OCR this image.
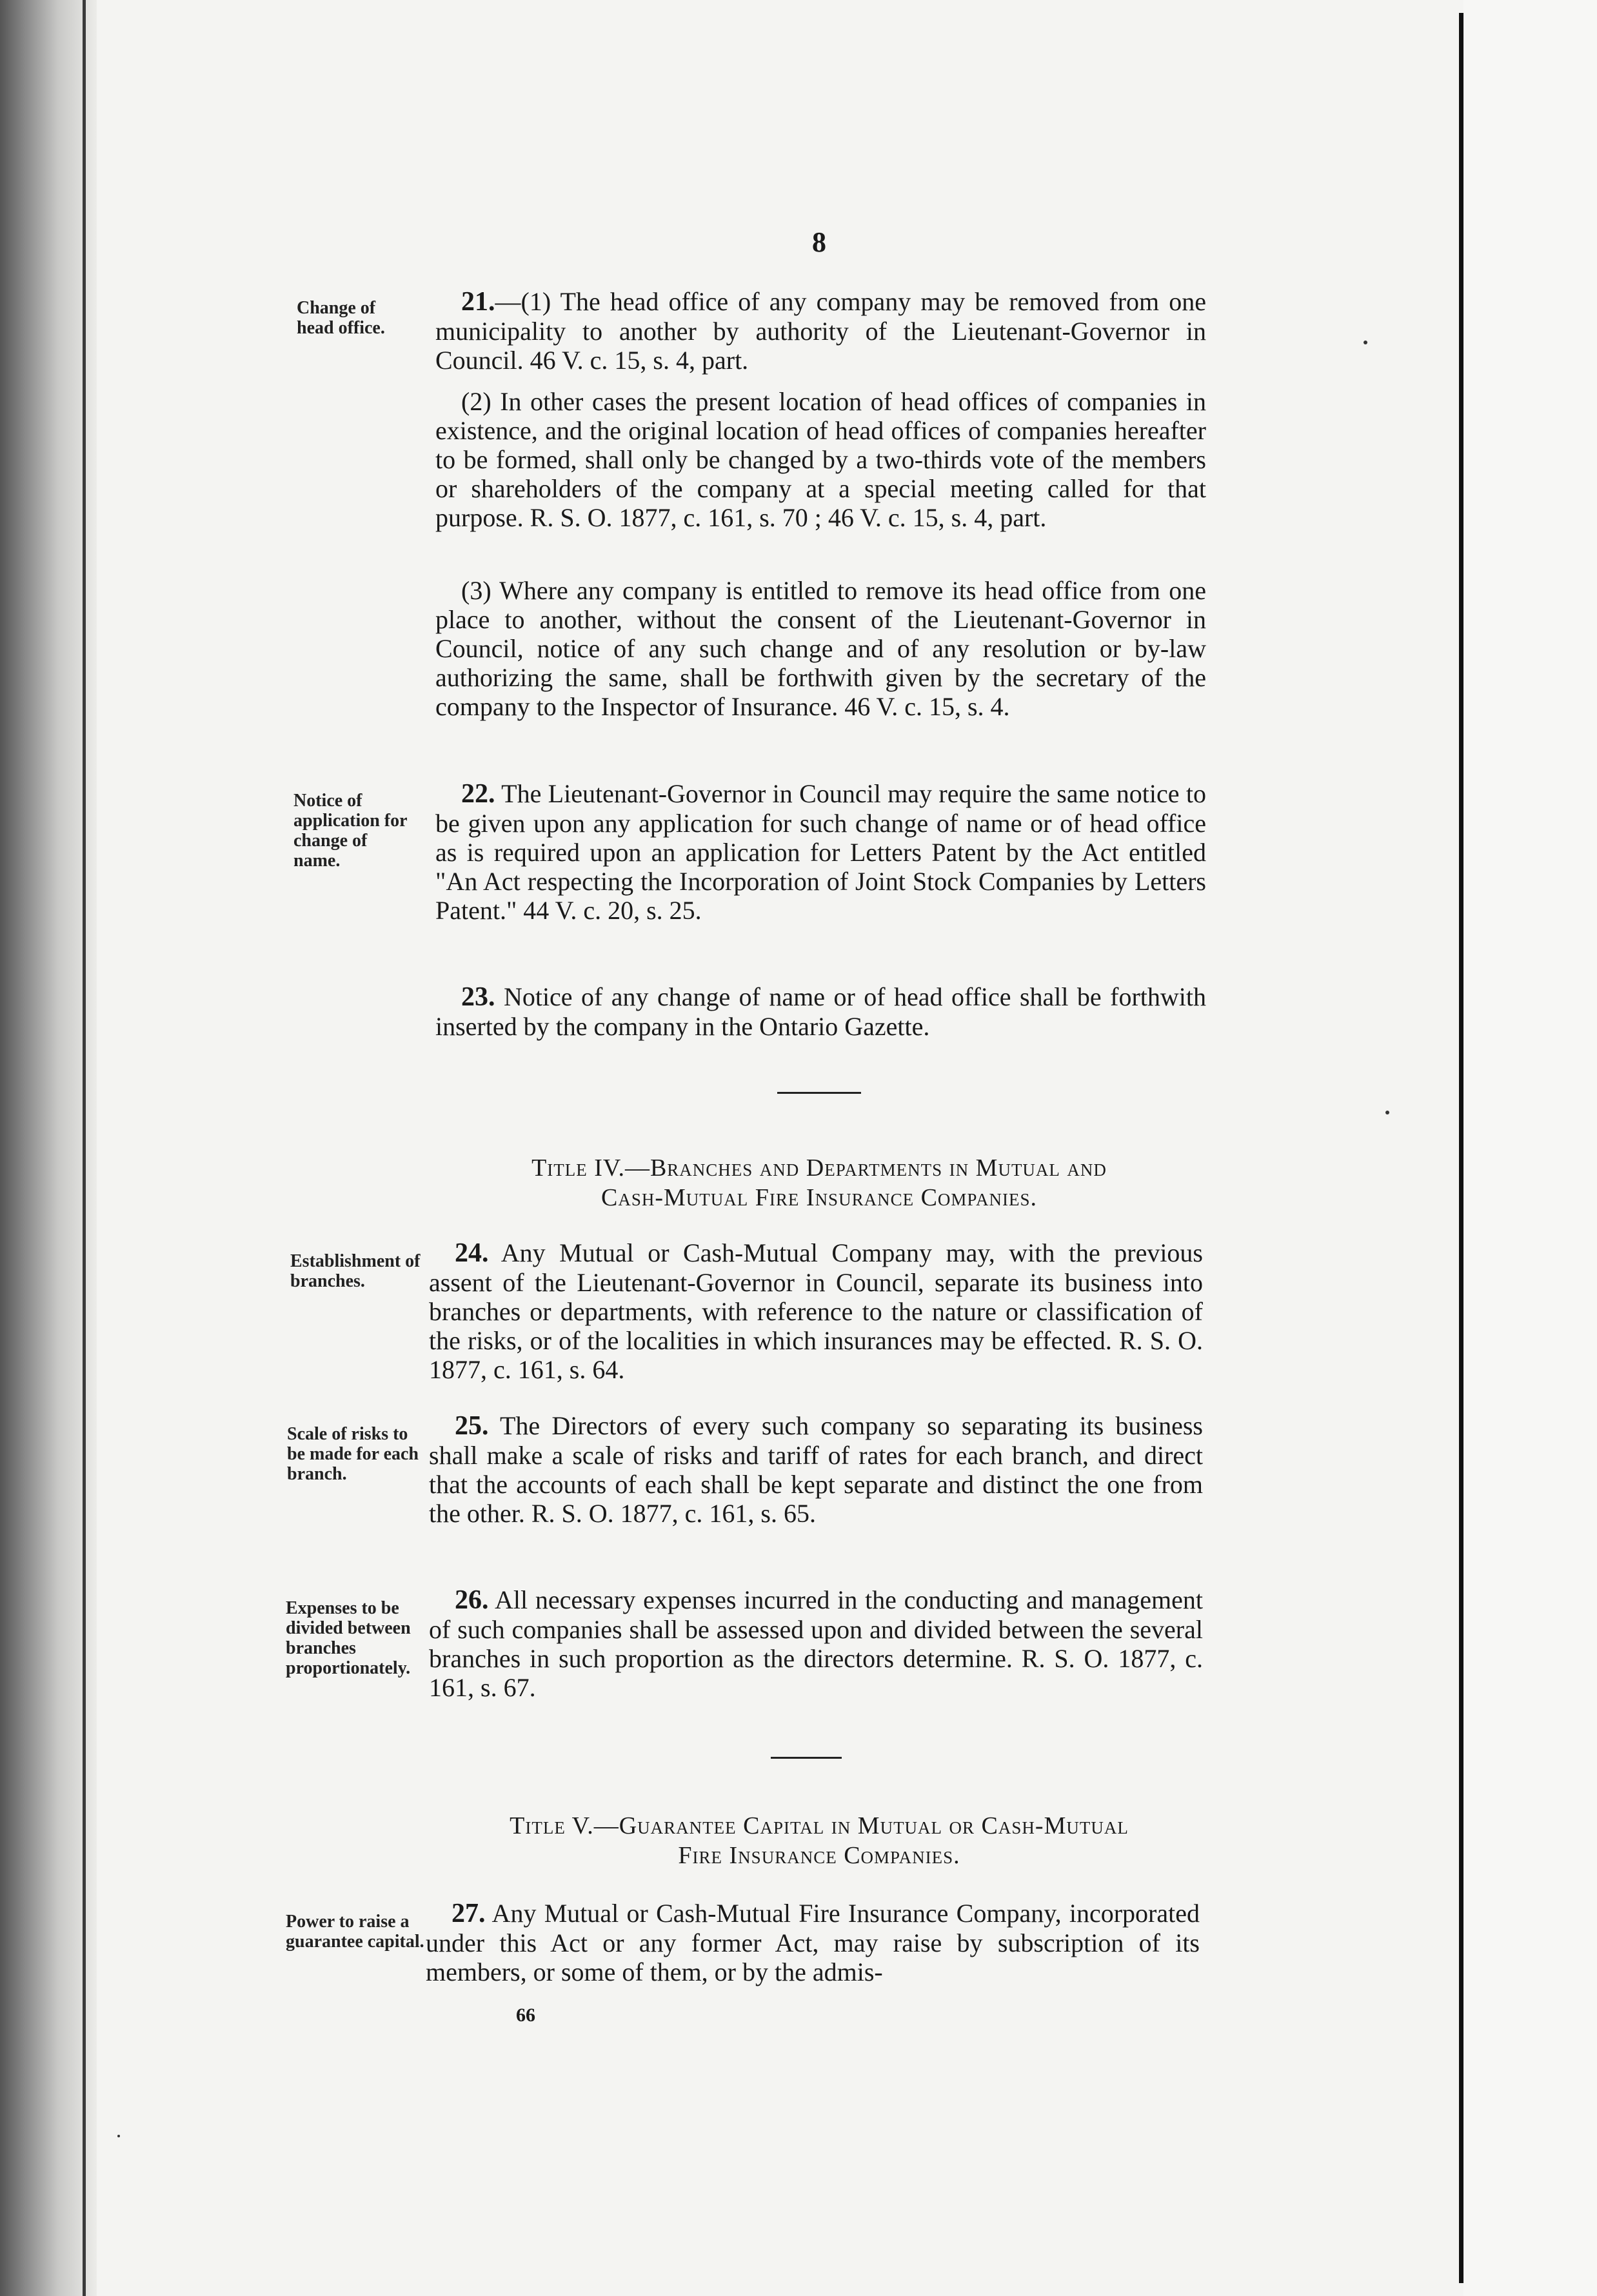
8
Change of head office.
21.—(1) The head office of any company may be removed from one municipality to another by authority of the Lieutenant-Governor in Council. 46 V. c. 15, s. 4, part.
(2) In other cases the present location of head offices of companies in existence, and the original location of head offices of companies hereafter to be formed, shall only be changed by a two-thirds vote of the members or shareholders of the company at a special meeting called for that purpose. R. S. O. 1877, c. 161, s. 70 ; 46 V. c. 15, s. 4, part.
(3) Where any company is entitled to remove its head office from one place to another, without the consent of the Lieutenant-Governor in Council, notice of any such change and of any resolution or by-law authorizing the same, shall be forthwith given by the secretary of the company to the Inspector of Insurance. 46 V. c. 15, s. 4.
Notice of application for change of name.
22. The Lieutenant-Governor in Council may require the same notice to be given upon any application for such change of name or of head office as is required upon an application for Letters Patent by the Act entitled "An Act respecting the Incorporation of Joint Stock Companies by Letters Patent." 44 V. c. 20, s. 25.
23. Notice of any change of name or of head office shall be forthwith inserted by the company in the Ontario Gazette.
Title IV.—Branches and Departments in Mutual and
Cash-Mutual Fire Insurance Companies.
Establishment of branches.
24. Any Mutual or Cash-Mutual Company may, with the previous assent of the Lieutenant-Governor in Council, separate its business into branches or departments, with reference to the nature or classification of the risks, or of the localities in which insurances may be effected. R. S. O. 1877, c. 161, s. 64.
Scale of risks to be made for each branch.
25. The Directors of every such company so separating its business shall make a scale of risks and tariff of rates for each branch, and direct that the accounts of each shall be kept separate and distinct the one from the other. R. S. O. 1877, c. 161, s. 65.
Expenses to be divided between branches proportionately.
26. All necessary expenses incurred in the conducting and management of such companies shall be assessed upon and divided between the several branches in such proportion as the directors determine. R. S. O. 1877, c. 161, s. 67.
Title V.—Guarantee Capital in Mutual or Cash-Mutual
Fire Insurance Companies.
Power to raise a guarantee capital.
27. Any Mutual or Cash-Mutual Fire Insurance Company, incorporated under this Act or any former Act, may raise by subscription of its members, or some of them, or by the admis-
66
